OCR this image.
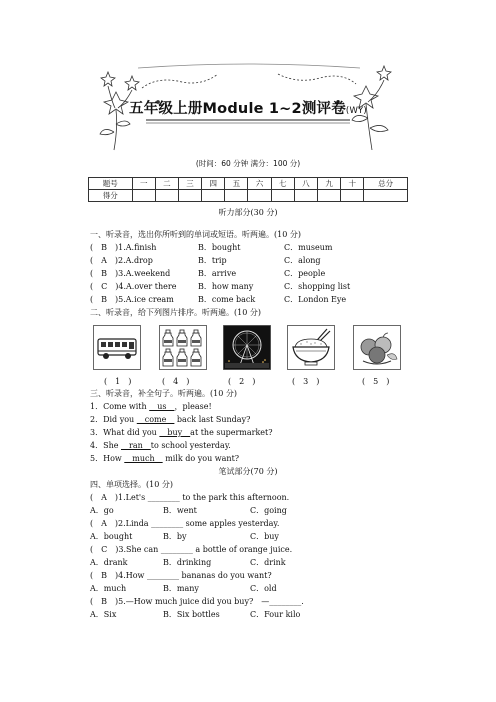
五年级上册Module 1~2测评卷(WY)
(时间：60 分钟 满分：100 分)
题号	一	二	三	四	五	六	七	八	九	十	总分
得分											
听力部分(30 分)
一、听录音，选出你所听到的单词或短语。听两遍。(10 分)
(　B　)1.A.finish	B．bought	C．museum
(　A　)2.A.drop	B．trip	C．along
(　B　)3.A.weekend	B．arrive	C．people
(　C　)4.A.over there	B．how many	C．shopping list
(　B　)5.A.ice cream	B．come back	C．London Eye
二、听录音，给下列图片排序。听两遍。(10 分)
(　1　)	(　4　)	(　2　)	(　3　)	(　5　)
三、听录音，补全句子。听两遍。(10 分)
1．Come with 　us　，please!
2．Did you 　come　 back last Sunday?
3．What did you 　buy　at the supermarket?
4．She 　ran　to school yesterday.
5．How 　much　 milk do you want?
笔试部分(70 分)
四、单项选择。(10 分)
(　A　)1.Let's ________ to the park this afternoon.
A．go	B．went	C．going
(　A　)2.Linda ________ some apples yesterday.
A．bought	B．by	C．buy
(　C　)3.She can ________ a bottle of orange juice.
A．drank	B．drinking	C．drink
(　B　)4.How ________ bananas do you want?
A．much	B．many	C．old
(　B　)5.—How much juice did you buy?　—________.
A．Six	B．Six bottles	C．Four kilo
